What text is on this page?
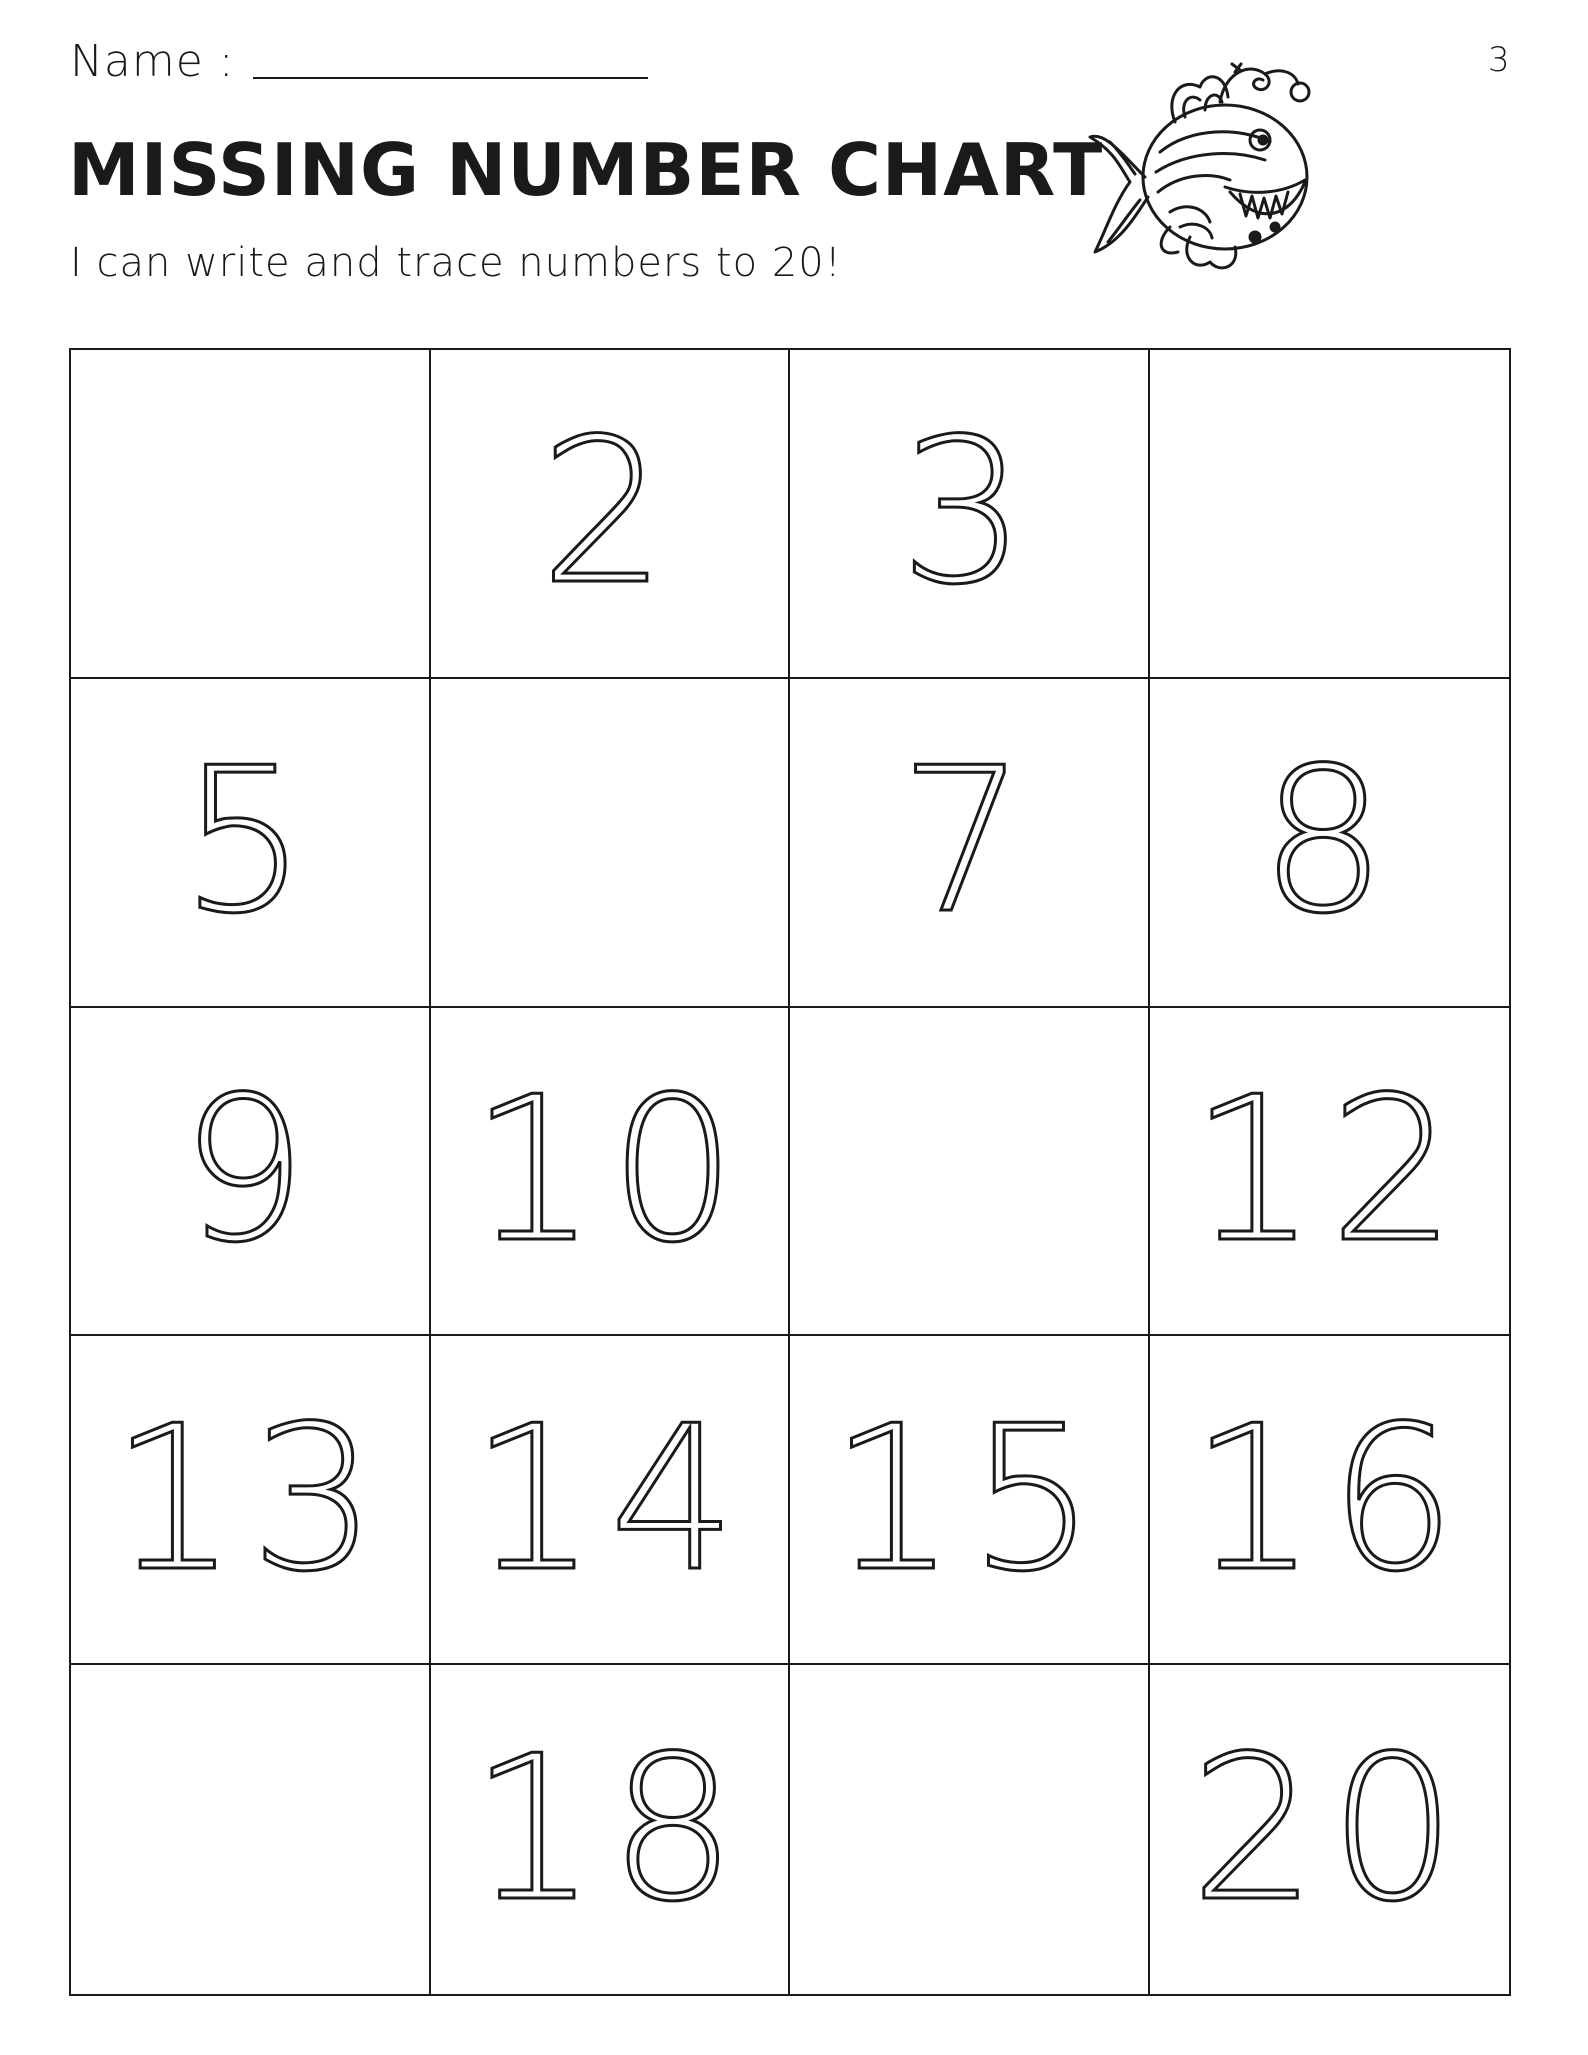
Name :	3
MISSING NUMBER CHART
I can write and trace numbers to 20!
2 3
5	7 8
9 10 12
13 14 15 16
18 20
